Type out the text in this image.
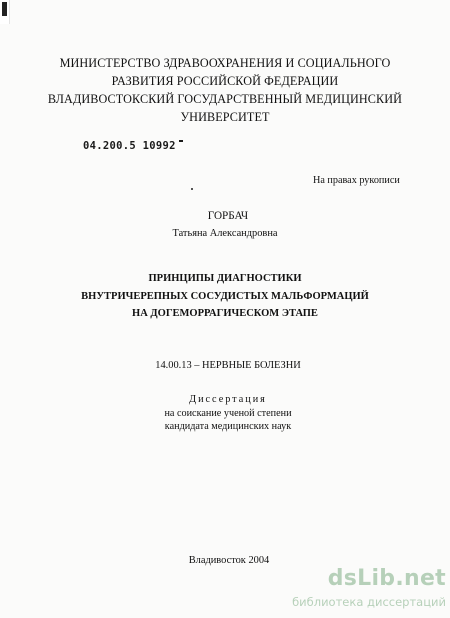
МИНИСТЕРСТВО ЗДРАВООХРАНЕНИЯ И СОЦИАЛЬНОГО
РАЗВИТИЯ РОССИЙСКОЙ ФЕДЕРАЦИИ
ВЛАДИВОСТОКСКИЙ ГОСУДАРСТВЕННЫЙ МЕДИЦИНСКИЙ
УНИВЕРСИТЕТ
04.200.5 10992
На правах рукописи
ГОРБАЧ
Татьяна Александровна
ПРИНЦИПЫ ДИАГНОСТИКИ
ВНУТРИЧЕРЕПНЫХ СОСУДИСТЫХ МАЛЬФОРМАЦИЙ
НА ДОГЕМОРРАГИЧЕСКОМ ЭТАПЕ
14.00.13 – НЕРВНЫЕ БОЛЕЗНИ
Диссертация
на соискание ученой степени
кандидата медицинских наук
Владивосток 2004
dsLib.net
библиотека диссертаций
